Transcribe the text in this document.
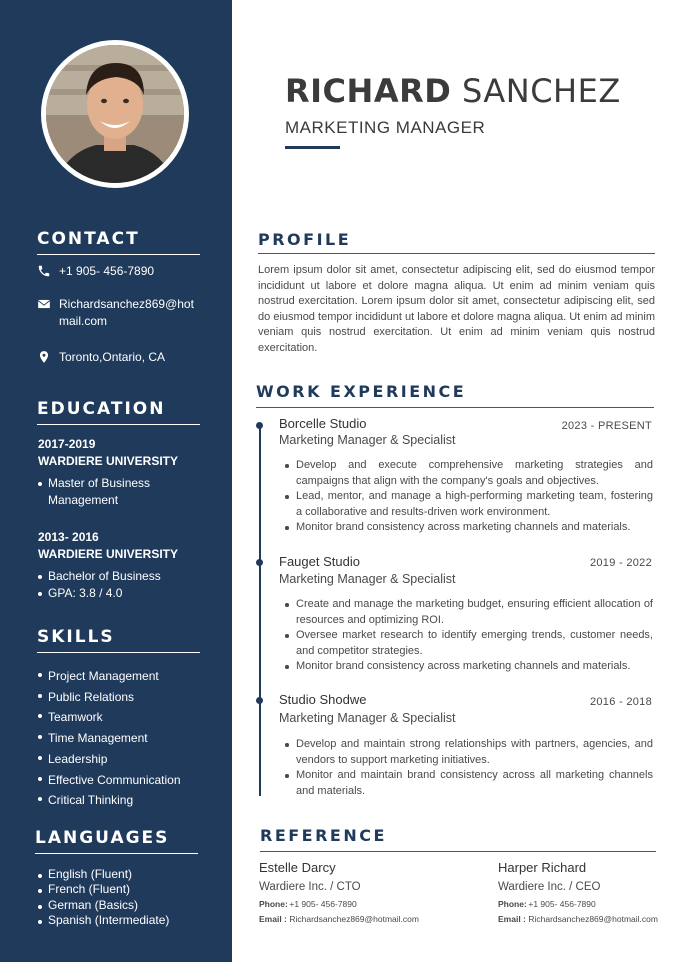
CONTACT
+1 905- 456-7890
Richardsanchez869@hot
mail.com
Toronto,Ontario, CA
EDUCATION
2017-2019
WARDIERE UNIVERSITY
Master of Business Management
2013- 2016
WARDIERE UNIVERSITY
Bachelor of Business
GPA: 3.8 / 4.0
SKILLS
Project Management
Public Relations
Teamwork
Time Management
Leadership
Effective Communication
Critical Thinking
LANGUAGES
English (Fluent)
French (Fluent)
German (Basics)
Spanish (Intermediate)
RICHARD SANCHEZ
MARKETING MANAGER
PROFILE
Lorem ipsum dolor sit amet, consectetur adipiscing elit, sed do eiusmod tempor incididunt ut labore et dolore magna aliqua. Ut enim ad minim veniam quis nostrud exercitation. Lorem ipsum dolor sit amet, consectetur adipiscing elit, sed do eiusmod tempor incididunt ut labore et dolore magna aliqua. Ut enim ad minim veniam quis nostrud exercitation. Ut enim ad minim veniam quis nostrud exercitation.
WORK EXPERIENCE
Borcelle Studio	2023 - PRESENT
Marketing Manager & Specialist
Develop and execute comprehensive marketing strategies and campaigns that align with the company's goals and objectives.
Lead, mentor, and manage a high-performing marketing team, fostering a collaborative and results-driven work environment.
Monitor brand consistency across marketing channels and materials.
Fauget Studio	2019 - 2022
Marketing Manager & Specialist
Create and manage the marketing budget, ensuring efficient allocation of resources and optimizing ROI.
Oversee market research to identify emerging trends, customer needs, and competitor strategies.
Monitor brand consistency across marketing channels and materials.
Studio Shodwe	2016 - 2018
Marketing Manager & Specialist
Develop and maintain strong relationships with partners, agencies, and vendors to support marketing initiatives.
Monitor and maintain brand consistency across all marketing channels and materials.
REFERENCE
Estelle Darcy
Wardiere Inc. / CTO
Phone: +1 905- 456-7890
Email : Richardsanchez869@hotmail.com
Harper Richard
Wardiere Inc. / CEO
Phone: +1 905- 456-7890
Email : Richardsanchez869@hotmail.com
